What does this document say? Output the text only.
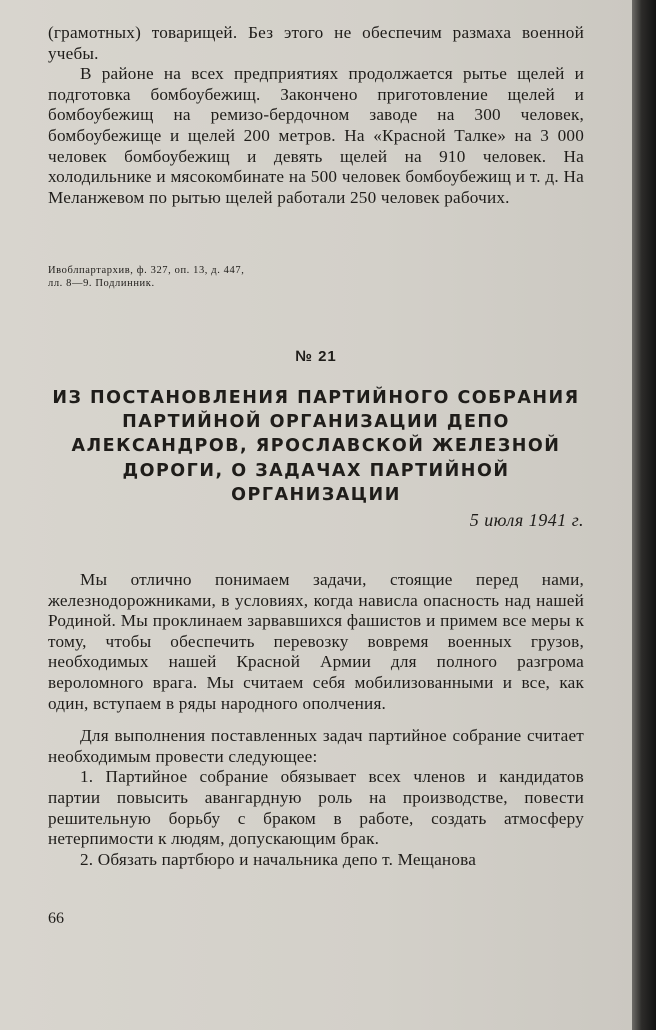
(грамотных) товарищей. Без этого не обеспечим размаха военной учебы.

В районе на всех предприятиях продолжается рытье щелей и подготовка бомбоубежищ. Закончено приготовление щелей и бомбоубежищ на ремизо-бердочном заводе на 300 человек, бомбоубежище и щелей 200 метров. На «Красной Талке» на 3 000 человек бомбоубежищ и девять щелей на 910 человек. На холодильнике и мясокомбинате на 500 человек бомбоубежищ и т. д. На Меланжевом по рытью щелей работали 250 человек рабочих.

Ивоблпартархив, ф. 327, оп. 13, д. 447,
лл. 8—9. Подлинник.
№ 21
ИЗ ПОСТАНОВЛЕНИЯ ПАРТИЙНОГО СОБРАНИЯ ПАРТИЙНОЙ ОРГАНИЗАЦИИ ДЕПО АЛЕКСАНДРОВ, ЯРОСЛАВСКОЙ ЖЕЛЕЗНОЙ ДОРОГИ, О ЗАДАЧАХ ПАРТИЙНОЙ ОРГАНИЗАЦИИ
5 июля 1941 г.

Мы отлично понимаем задачи, стоящие перед нами, железнодорожниками, в условиях, когда нависла опасность над нашей Родиной. Мы проклинаем зарвавшихся фашистов и примем все меры к тому, чтобы обеспечить перевозку вовремя военных грузов, необходимых нашей Красной Армии для полного разгрома вероломного врага. Мы считаем себя мобилизованными и все, как один, вступаем в ряды народного ополчения.

Для выполнения поставленных задач партийное собрание считает необходимым провести следующее:

1. Партийное собрание обязывает всех членов и кандидатов партии повысить авангардную роль на производстве, повести решительную борьбу с браком в работе, создать атмосферу нетерпимости к людям, допускающим брак.

2. Обязать партбюро и начальника депо т. Мещанова

66
